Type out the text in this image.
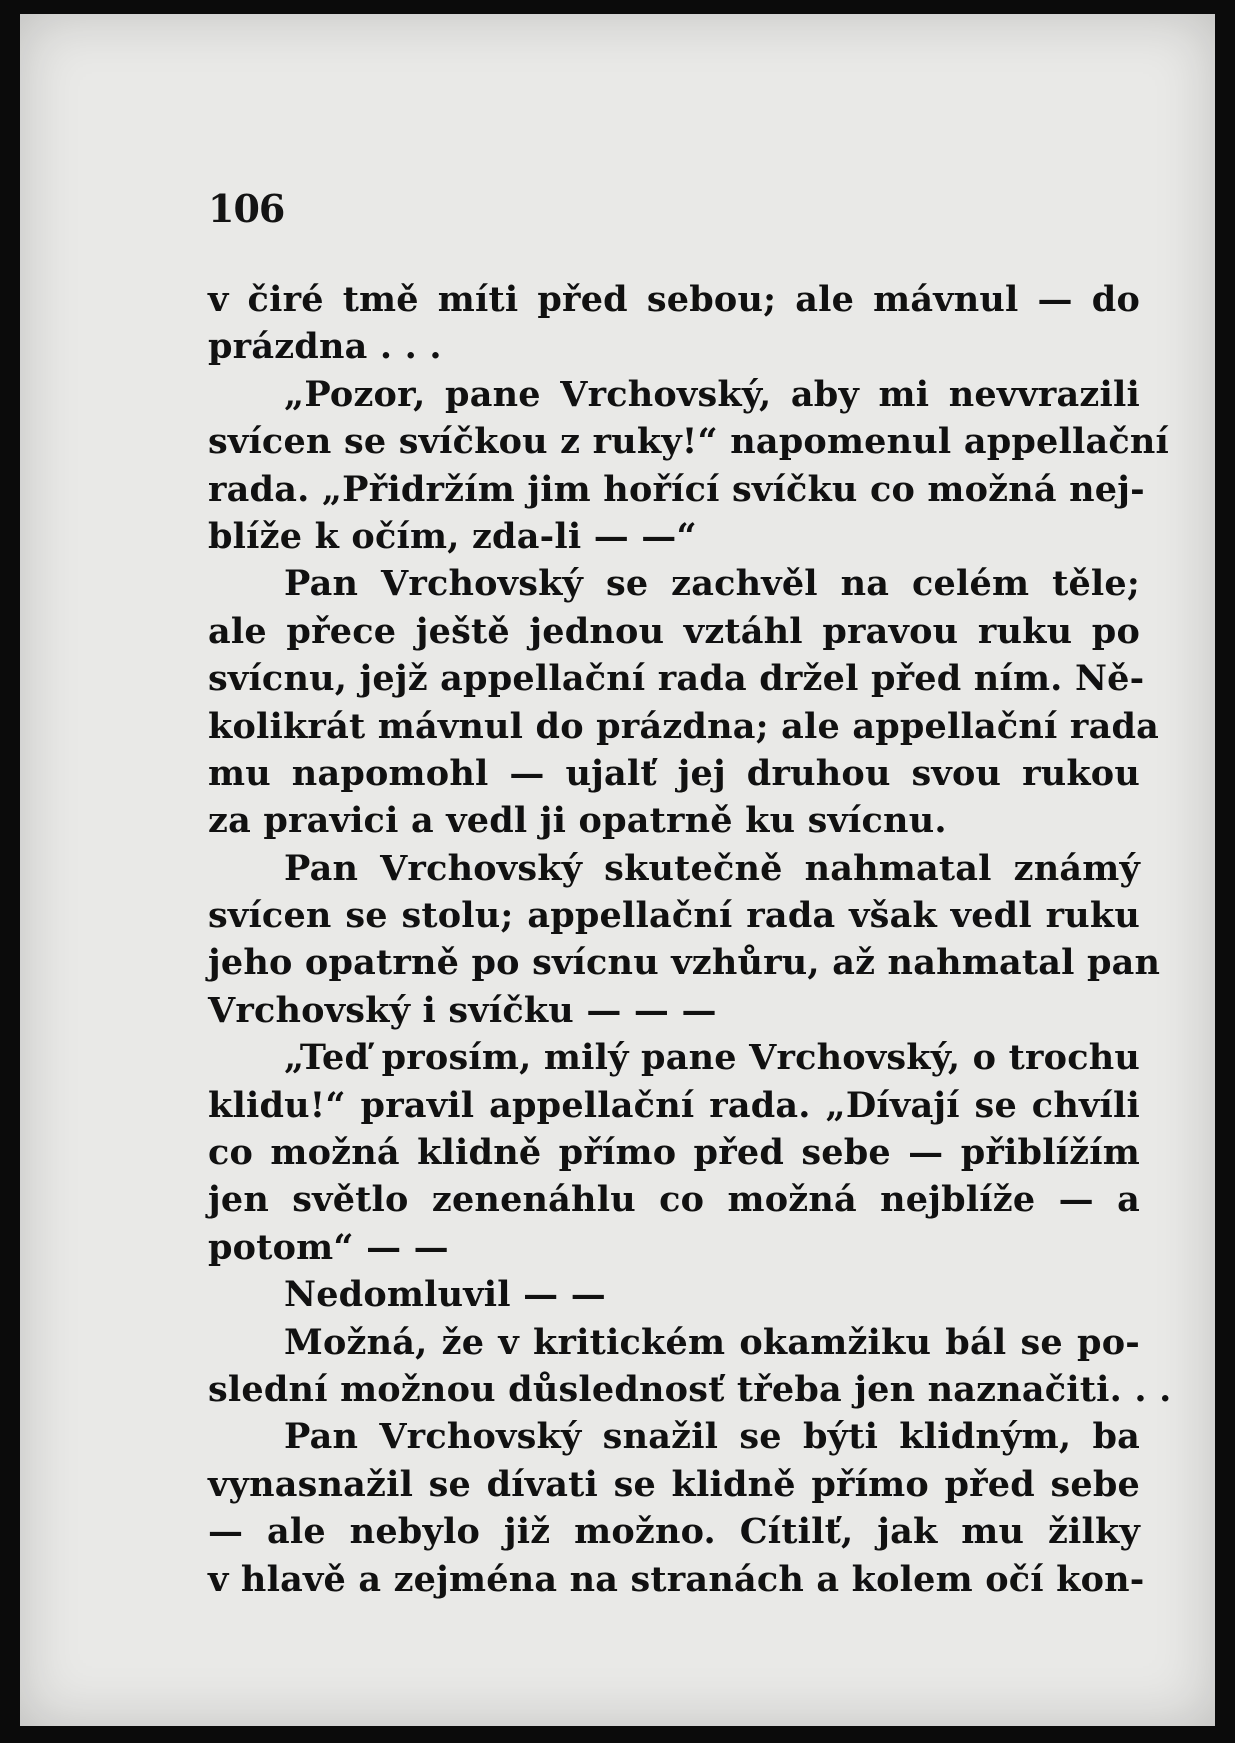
106
v čiré tmě míti před sebou; ale mávnul — do
prázdna . . .
„Pozor, pane Vrchovský, aby mi nevvrazili
svícen se svíčkou z ruky!“ napomenul appellační
rada. „Přidržím jim hořící svíčku co možná nej-
blíže k očím, zda-li — —“
Pan Vrchovský se zachvěl na celém těle;
ale přece ještě jednou vztáhl pravou ruku po
svícnu, jejž appellační rada držel před ním. Ně-
kolikrát mávnul do prázdna; ale appellační rada
mu napomohl — ujalť jej druhou svou rukou
za pravici a vedl ji opatrně ku svícnu.
Pan Vrchovský skutečně nahmatal známý
svícen se stolu; appellační rada však vedl ruku
jeho opatrně po svícnu vzhůru, až nahmatal pan
Vrchovský i svíčku — — —
„Teď prosím, milý pane Vrchovský, o trochu
klidu!“ pravil appellační rada. „Dívají se chvíli
co možná klidně přímo před sebe — přiblížím
jen světlo zenenáhlu co možná nejblíže — a
potom“ — —
Nedomluvil — —
Možná, že v kritickém okamžiku bál se po-
slední možnou důslednosť třeba jen naznačiti. . .
Pan Vrchovský snažil se býti klidným, ba
vynasnažil se dívati se klidně přímo před sebe
— ale nebylo již možno. Cítilť, jak mu žilky
v hlavě a zejména na stranách a kolem očí kon-
